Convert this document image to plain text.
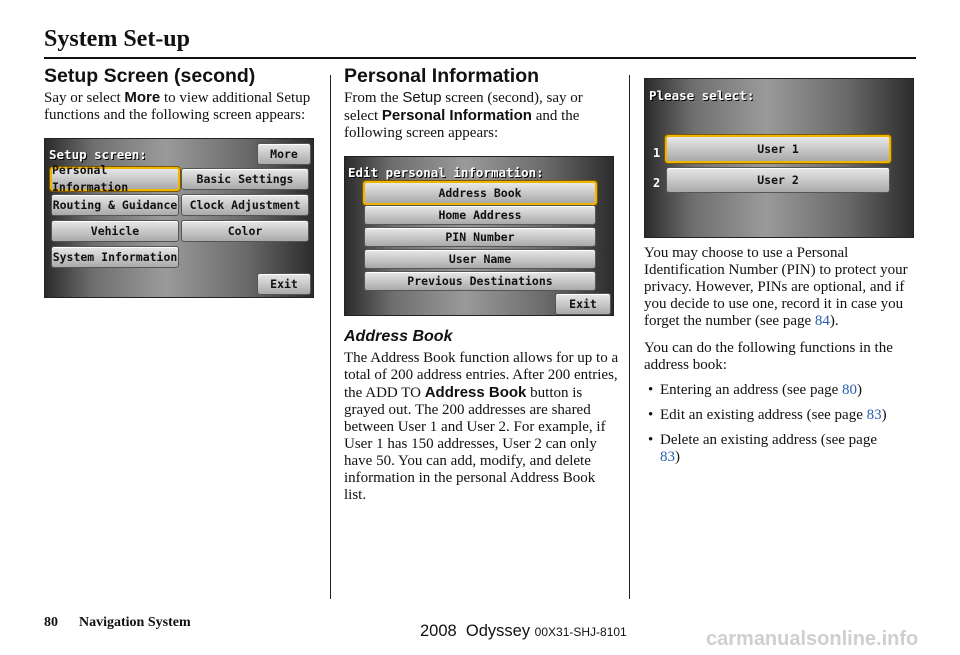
System Set-up
Setup Screen (second)

Say or select More to view additional Setup functions and the following screen appears:

Setup screen:	More
Personal Information
Basic Settings
Routing & Guidance	Clock Adjustment
Vehicle	Color
System Information
Exit
Personal Information

From the Setup screen (second), say or select Personal Information and the following screen appears:

Edit personal information:
Address Book
Home Address
PIN Number
User Name
Previous Destinations
Exit
Address Book

The Address Book function allows for up to a total of 200 address entries. After 200 entries, the ADD TO Address Book button is grayed out. The 200 addresses are shared between User 1 and User 2. For example, if User 1 has 150 addresses, User 2 can only have 50. You can add, modify, and delete information in the personal Address Book list.

Please select:
1
2
User 1
User 2

You may choose to use a Personal Identification Number (PIN) to protect your privacy. However, PINs are optional, and if you decide to use one, record it in case you forget the number (see page 84).

You can do the following functions in the address book:

• Entering an address (see page 80)
• Edit an existing address (see page 83)
• Delete an existing address (see page 83)
80 Navigation System	2008 Odyssey 00X31-SHJ-8101	carmanualsonline.info
